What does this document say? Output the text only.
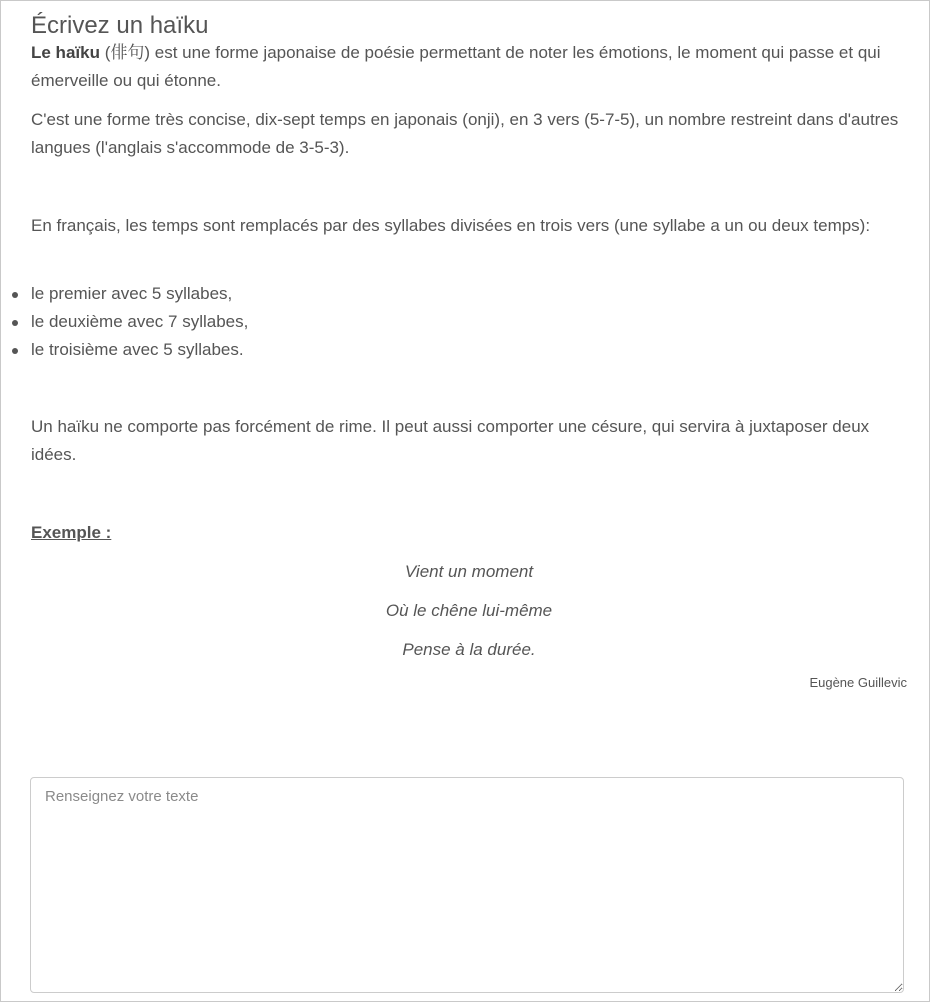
Écrivez un haïku

Le haïku (俳句) est une forme japonaise de poésie permettant de noter les émotions, le moment qui passe et qui émerveille ou qui étonne.

C'est une forme très concise, dix-sept temps en japonais (onji), en 3 vers (5-7-5), un nombre restreint dans d'autres langues (l'anglais s'accommode de 3-5-3).

En français, les temps sont remplacés par des syllabes divisées en trois vers (une syllabe a un ou deux temps):

le premier avec 5 syllabes,
le deuxième avec 7 syllabes,
le troisième avec 5 syllabes.

Un haïku ne comporte pas forcément de rime. Il peut aussi comporter une césure, qui servira à juxtaposer deux idées.

Exemple :
Vient un moment
Où le chêne lui-même
Pense à la durée.
Eugène Guillevic
Renseignez votre texte
